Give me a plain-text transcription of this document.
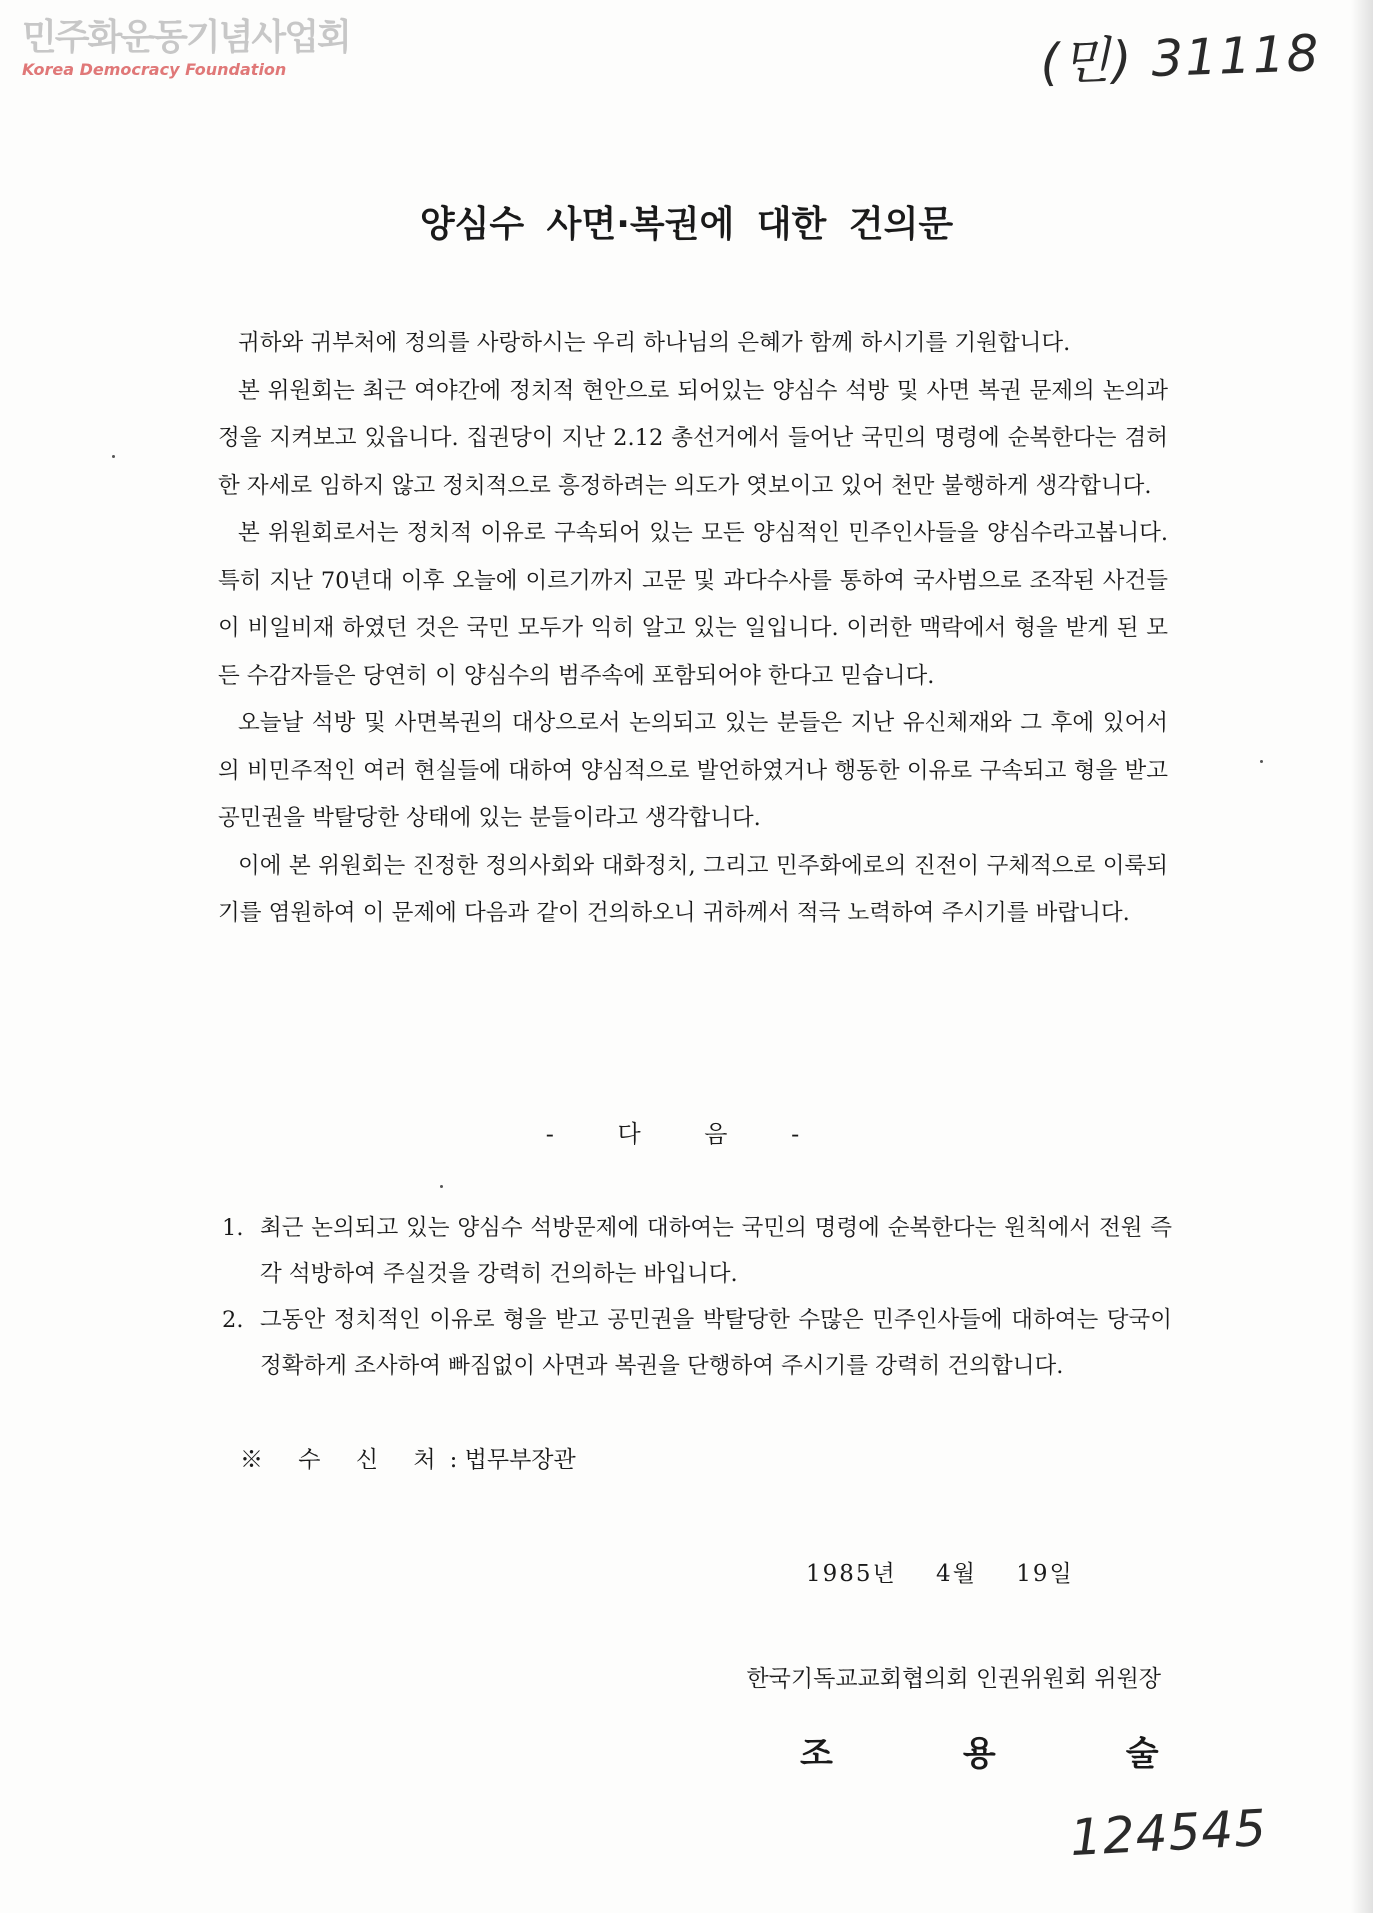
민주화운동기념사업회
Korea Democracy Foundation	(민) 31118
양심수 사면·복권에 대한 건의문

귀하와 귀부처에 정의를 사랑하시는 우리 하나님의 은혜가 함께 하시기를 기원합니다.

본 위원회는 최근 여야간에 정치적 현안으로 되어있는 양심수 석방 및 사면 복권 문제의 논의과정을 지켜보고 있읍니다. 집권당이 지난 2.12 총선거에서 들어난 국민의 명령에 순복한다는 겸허한 자세로 임하지 않고 정치적으로 흥정하려는 의도가 엿보이고 있어 천만 불행하게 생각합니다.

본 위원회로서는 정치적 이유로 구속되어 있는 모든 양심적인 민주인사들을 양심수라고봅니다. 특히 지난 70년대 이후 오늘에 이르기까지 고문 및 과다수사를 통하여 국사범으로 조작된 사건들이 비일비재 하였던 것은 국민 모두가 익히 알고 있는 일입니다. 이러한 맥락에서 형을 받게 된 모든 수감자들은 당연히 이 양심수의 범주속에 포함되어야 한다고 믿습니다.

오늘날 석방 및 사면복권의 대상으로서 논의되고 있는 분들은 지난 유신체재와 그 후에 있어서의 비민주적인 여러 현실들에 대하여 양심적으로 발언하였거나 행동한 이유로 구속되고 형을 받고 공민권을 박탈당한 상태에 있는 분들이라고 생각합니다.

이에 본 위원회는 진정한 정의사회와 대화정치, 그리고 민주화에로의 진전이 구체적으로 이룩되기를 염원하여 이 문제에 다음과 같이 건의하오니 귀하께서 적극 노력하여 주시기를 바랍니다.

- 다 음 -

1. 최근 논의되고 있는 양심수 석방문제에 대하여는 국민의 명령에 순복한다는 원칙에서 전원 즉각 석방하여 주실것을 강력히 건의하는 바입니다.

2. 그동안 정치적인 이유로 형을 받고 공민권을 박탈당한 수많은 민주인사들에 대하여는 당국이 정확하게 조사하여 빠짐없이 사면과 복권을 단행하여 주시기를 강력히 건의합니다.

※ 수 신 처: 법무부장관
1985년 4월 19일
한국기독교교회협의회 인권위원회 위원장
조용술
124545
